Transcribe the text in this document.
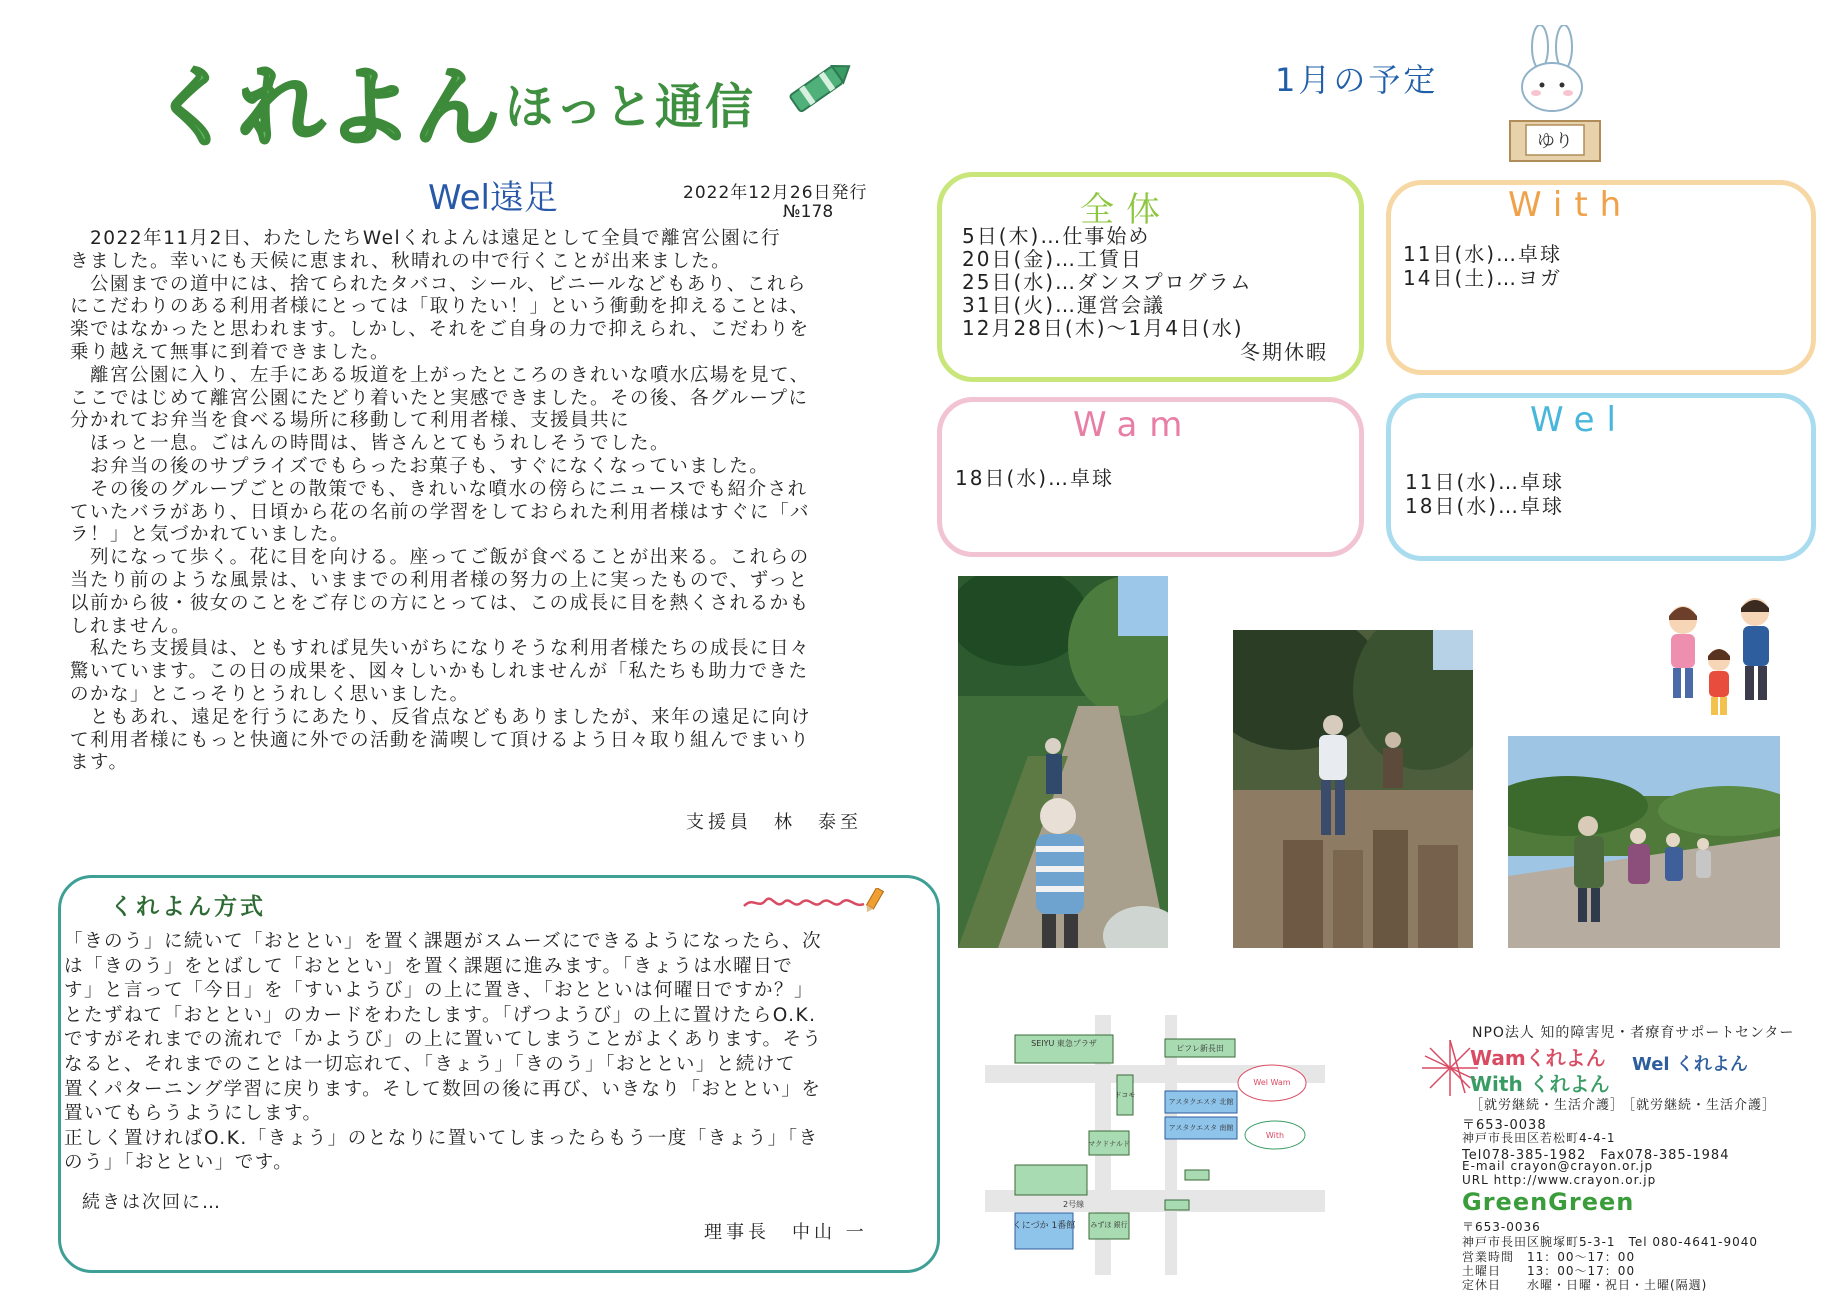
くれよん ほっと通信	1月の予定
ゆり
Wel遠足	2022年12月26日発行
№178

　2022年11月2日、わたしたちWelくれよんは遠足として全員で離宮公園に行
きました。幸いにも天候に恵まれ、秋晴れの中で行くことが出来ました。

　公園までの道中には、捨てられたタバコ、シール、ビニールなどもあり、これら
にこだわりのある利用者様にとっては「取りたい！」という衝動を抑えることは、
楽ではなかったと思われます。しかし、それをご自身の力で抑えられ、こだわりを
乗り越えて無事に到着できました。

　離宮公園に入り、左手にある坂道を上がったところのきれいな噴水広場を見て、
ここではじめて離宮公園にたどり着いたと実感できました。その後、各グループに
分かれてお弁当を食べる場所に移動して利用者様、支援員共に
　ほっと一息。ごはんの時間は、皆さんとてもうれしそうでした。

　お弁当の後のサプライズでもらったお菓子も、すぐになくなっていました。

　その後のグループごとの散策でも、きれいな噴水の傍らにニュースでも紹介され
ていたバラがあり、日頃から花の名前の学習をしておられた利用者様はすぐに「バ
ラ！」と気づかれていました。

　列になって歩く。花に目を向ける。座ってご飯が食べることが出来る。これらの
当たり前のような風景は、いままでの利用者様の努力の上に実ったもので、ずっと
以前から彼・彼女のことをご存じの方にとっては、この成長に目を熱くされるかも
しれません。

　私たち支援員は、ともすれば見失いがちになりそうな利用者様たちの成長に日々
驚いています。この日の成果を、図々しいかもしれませんが「私たちも助力できた
のかな」とこっそりとうれしく思いました。

　ともあれ、遠足を行うにあたり、反省点などもありましたが、来年の遠足に向け
て利用者様にもっと快適に外での活動を満喫して頂けるよう日々取り組んでまいり
ます。

支援員　林　泰至
くれよん方式

「きのう」に続いて「おととい」を置く課題がスムーズにできるようになったら、次
は「きのう」をとばして「おととい」を置く課題に進みます。「きょうは水曜日で
す」と言って「今日」を「すいようび」の上に置き、「おとといは何曜日ですか？」
とたずねて「おととい」のカードをわたします。「げつようび」の上に置けたらO.K.
ですがそれまでの流れで「かようび」の上に置いてしまうことがよくあります。そう
なると、それまでのことは一切忘れて、「きょう」「きのう」「おととい」と続けて
置くパターニング学習に戻ります。そして数回の後に再び、いきなり「おととい」を
置いてもらうようにします。

正しく置ければO.K.「きょう」のとなりに置いてしまったらもう一度「きょう」「き
のう」「おととい」です。

続きは次回に…
理事長　中山 一
全体
5日(木)…仕事始め
20日(金)…工賃日
25日(水)…ダンスプログラム
31日(火)…運営会議
12月28日(木)～1月4日(水)
冬期休暇
With
11日(水)…卓球
14日(土)…ヨガ
Wam
18日(水)…卓球
Wel
11日(水)…卓球
18日(水)…卓球
SEIYU 東急プラザ
ピフレ新長田
ドコモ
アスタクエスタ 北館
アスタクエスタ 南館
マクドナルド
2号線
くにづか 1番館 みずほ 銀行
Wel Wam
With
NPO法人 知的障害児・者療育サポートセンター
Wamくれよん
With くれよん
Wel くれよん
［就労継続・生活介護］
［就労継続・生活介護］
〒653-0038
神戸市長田区若松町4-4-1
Tel078-385-1982　Fax078-385-1984
E-mail crayon@crayon.or.jp
URL http://www.crayon.or.jp
GreenGreen
〒653-0036
神戸市長田区腕塚町5-3-1　Tel 080-4641-9040
営業時間　11：00～17：00
土曜日　　13：00～17：00
定休日　　水曜・日曜・祝日・土曜(隔週)
